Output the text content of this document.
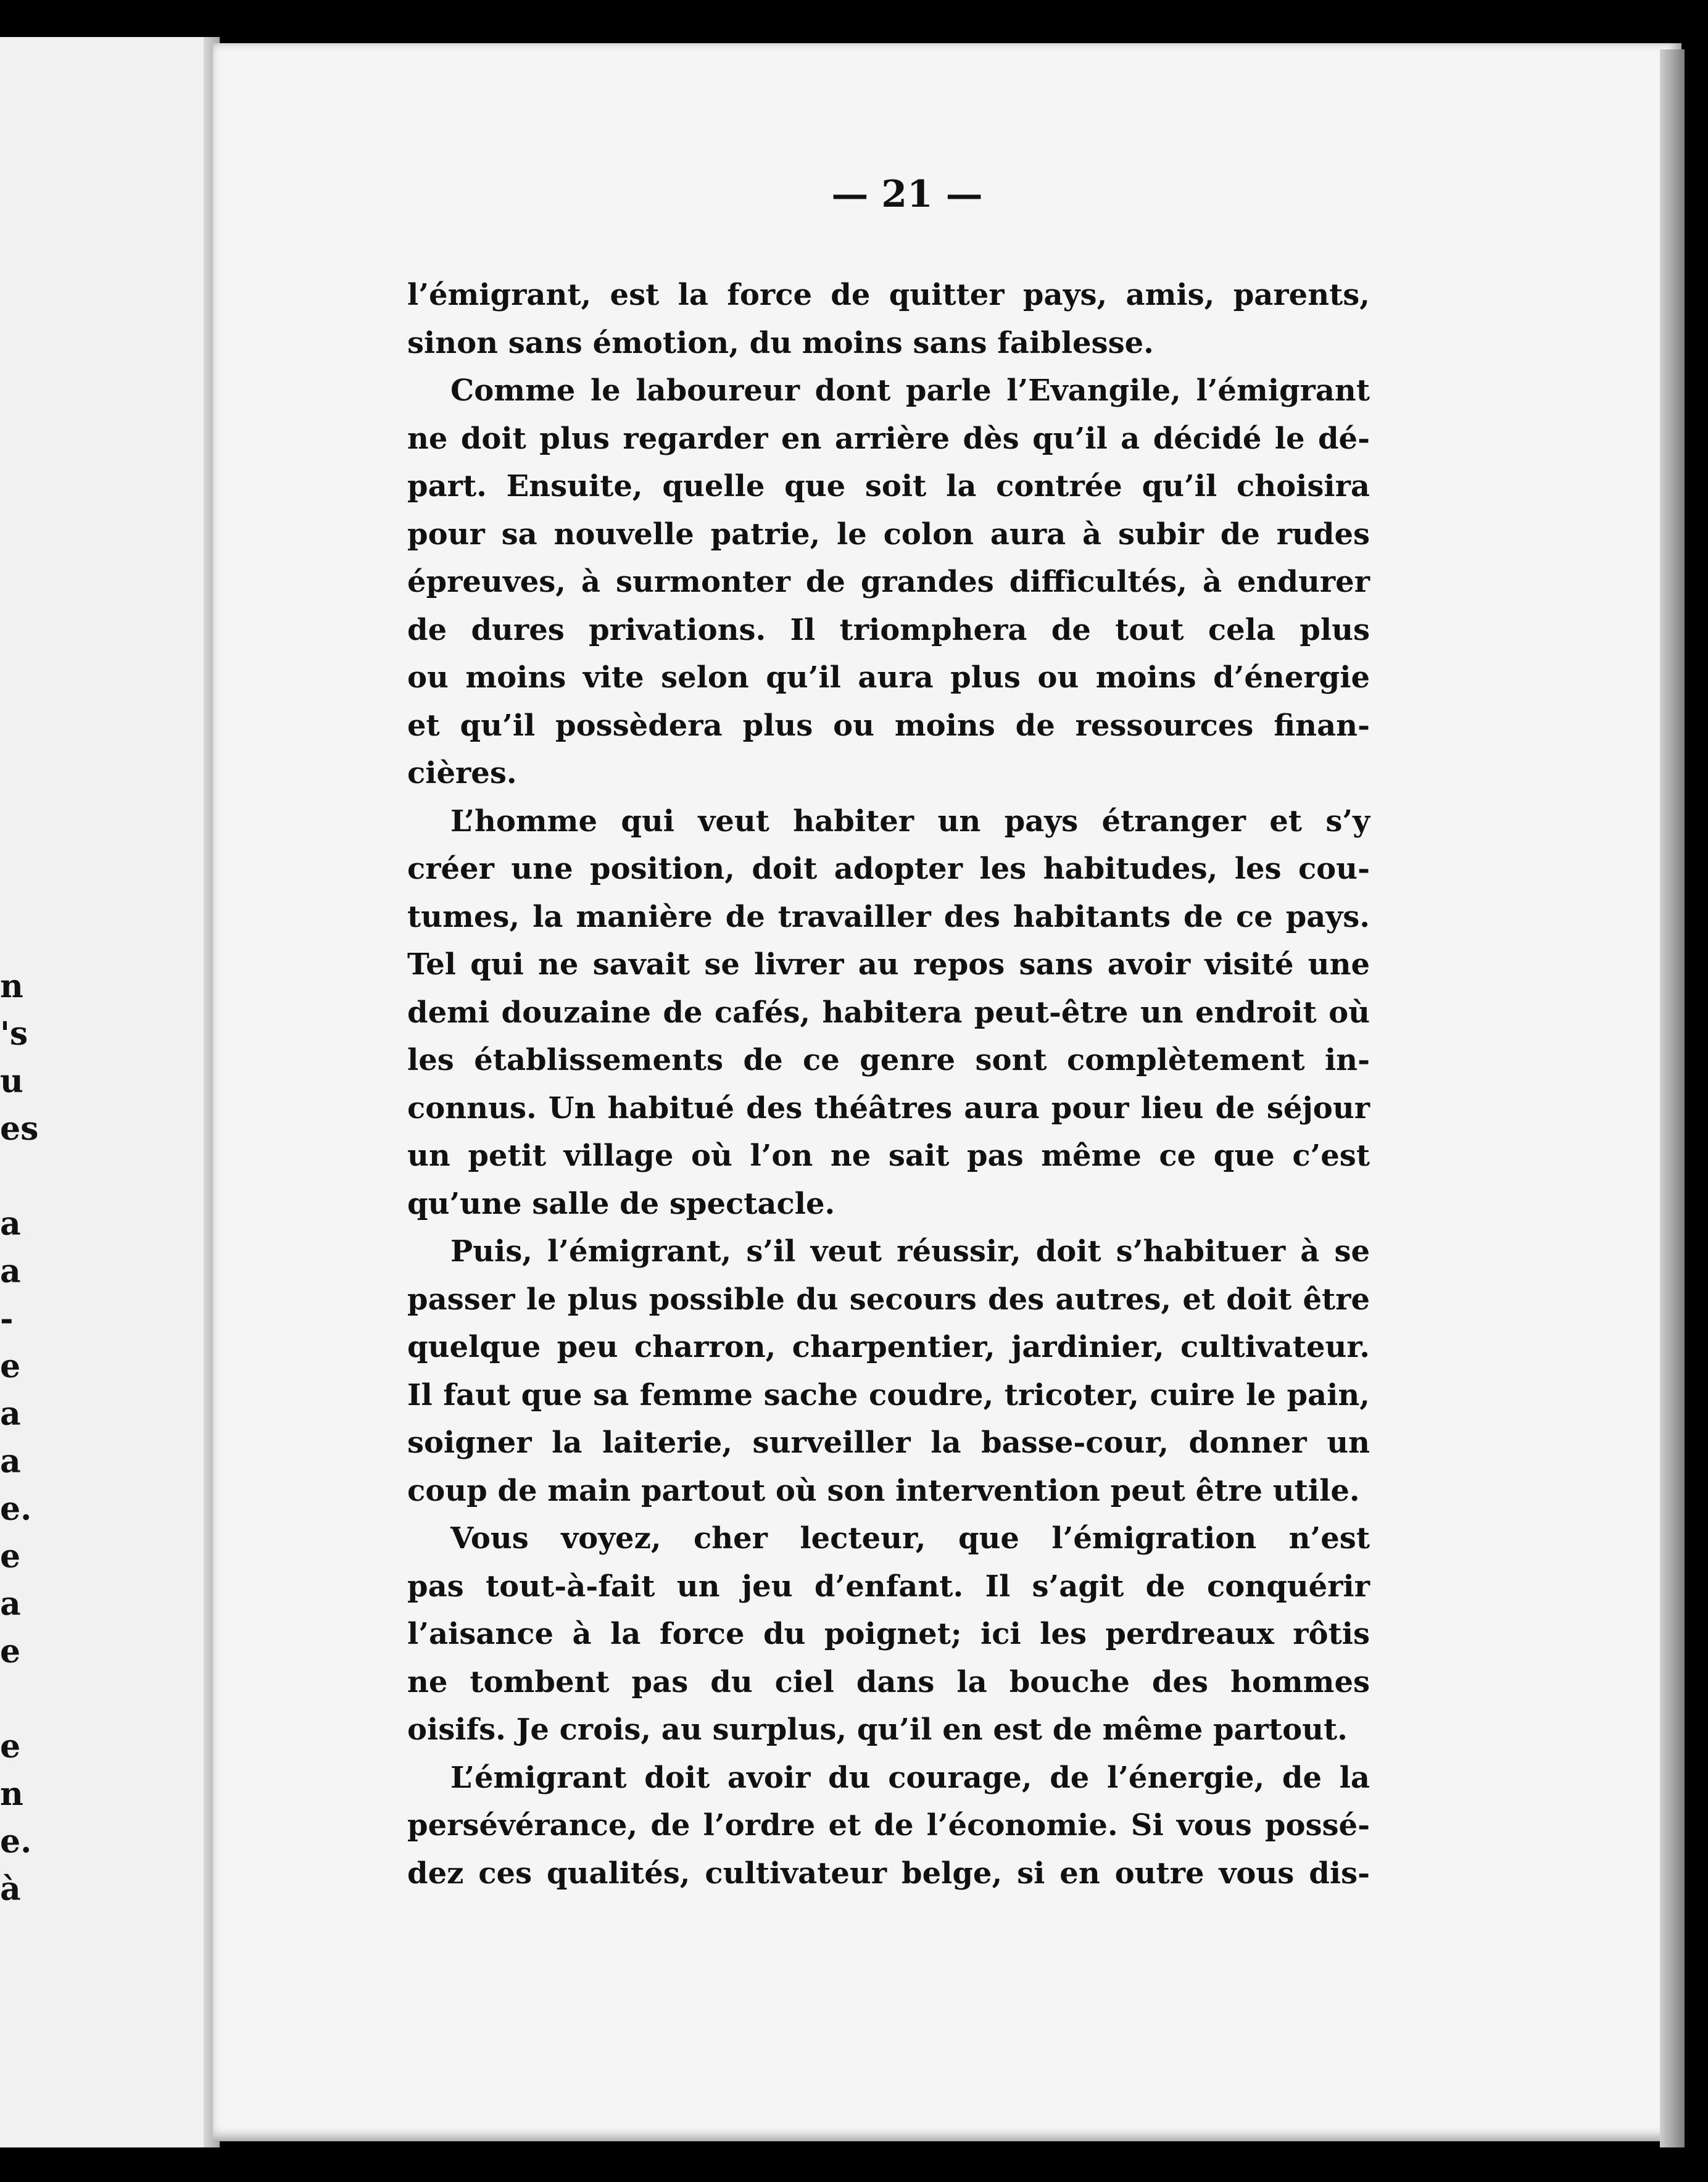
n
's
u
es
a
a
-
e
a
a
e.
e
a
e
e
n
e.
à
— 21 —
l’émigrant, est la force de quitter pays, amis, parents,
sinon sans émotion, du moins sans faiblesse.
Comme le laboureur dont parle l’Evangile, l’émigrant
ne doit plus regarder en arrière dès qu’il a décidé le dé-
part. Ensuite, quelle que soit la contrée qu’il choisira
pour sa nouvelle patrie, le colon aura à subir de rudes
épreuves, à surmonter de grandes difficultés, à endurer
de dures privations. Il triomphera de tout cela plus
ou moins vite selon qu’il aura plus ou moins d’énergie
et qu’il possèdera plus ou moins de ressources finan-
cières.
L’homme qui veut habiter un pays étranger et s’y
créer une position, doit adopter les habitudes, les cou-
tumes, la manière de travailler des habitants de ce pays.
Tel qui ne savait se livrer au repos sans avoir visité une
demi douzaine de cafés, habitera peut-être un endroit où
les établissements de ce genre sont complètement in-
connus. Un habitué des théâtres aura pour lieu de séjour
un petit village où l’on ne sait pas même ce que c’est
qu’une salle de spectacle.
Puis, l’émigrant, s’il veut réussir, doit s’habituer à se
passer le plus possible du secours des autres, et doit être
quelque peu charron, charpentier, jardinier, cultivateur.
Il faut que sa femme sache coudre, tricoter, cuire le pain,
soigner la laiterie, surveiller la basse-cour, donner un
coup de main partout où son intervention peut être utile.
Vous voyez, cher lecteur, que l’émigration n’est
pas tout-à-fait un jeu d’enfant. Il s’agit de conquérir
l’aisance à la force du poignet; ici les perdreaux rôtis
ne tombent pas du ciel dans la bouche des hommes
oisifs. Je crois, au surplus, qu’il en est de même partout.
L’émigrant doit avoir du courage, de l’énergie, de la
persévérance, de l’ordre et de l’économie. Si vous possé-
dez ces qualités, cultivateur belge, si en outre vous dis-
